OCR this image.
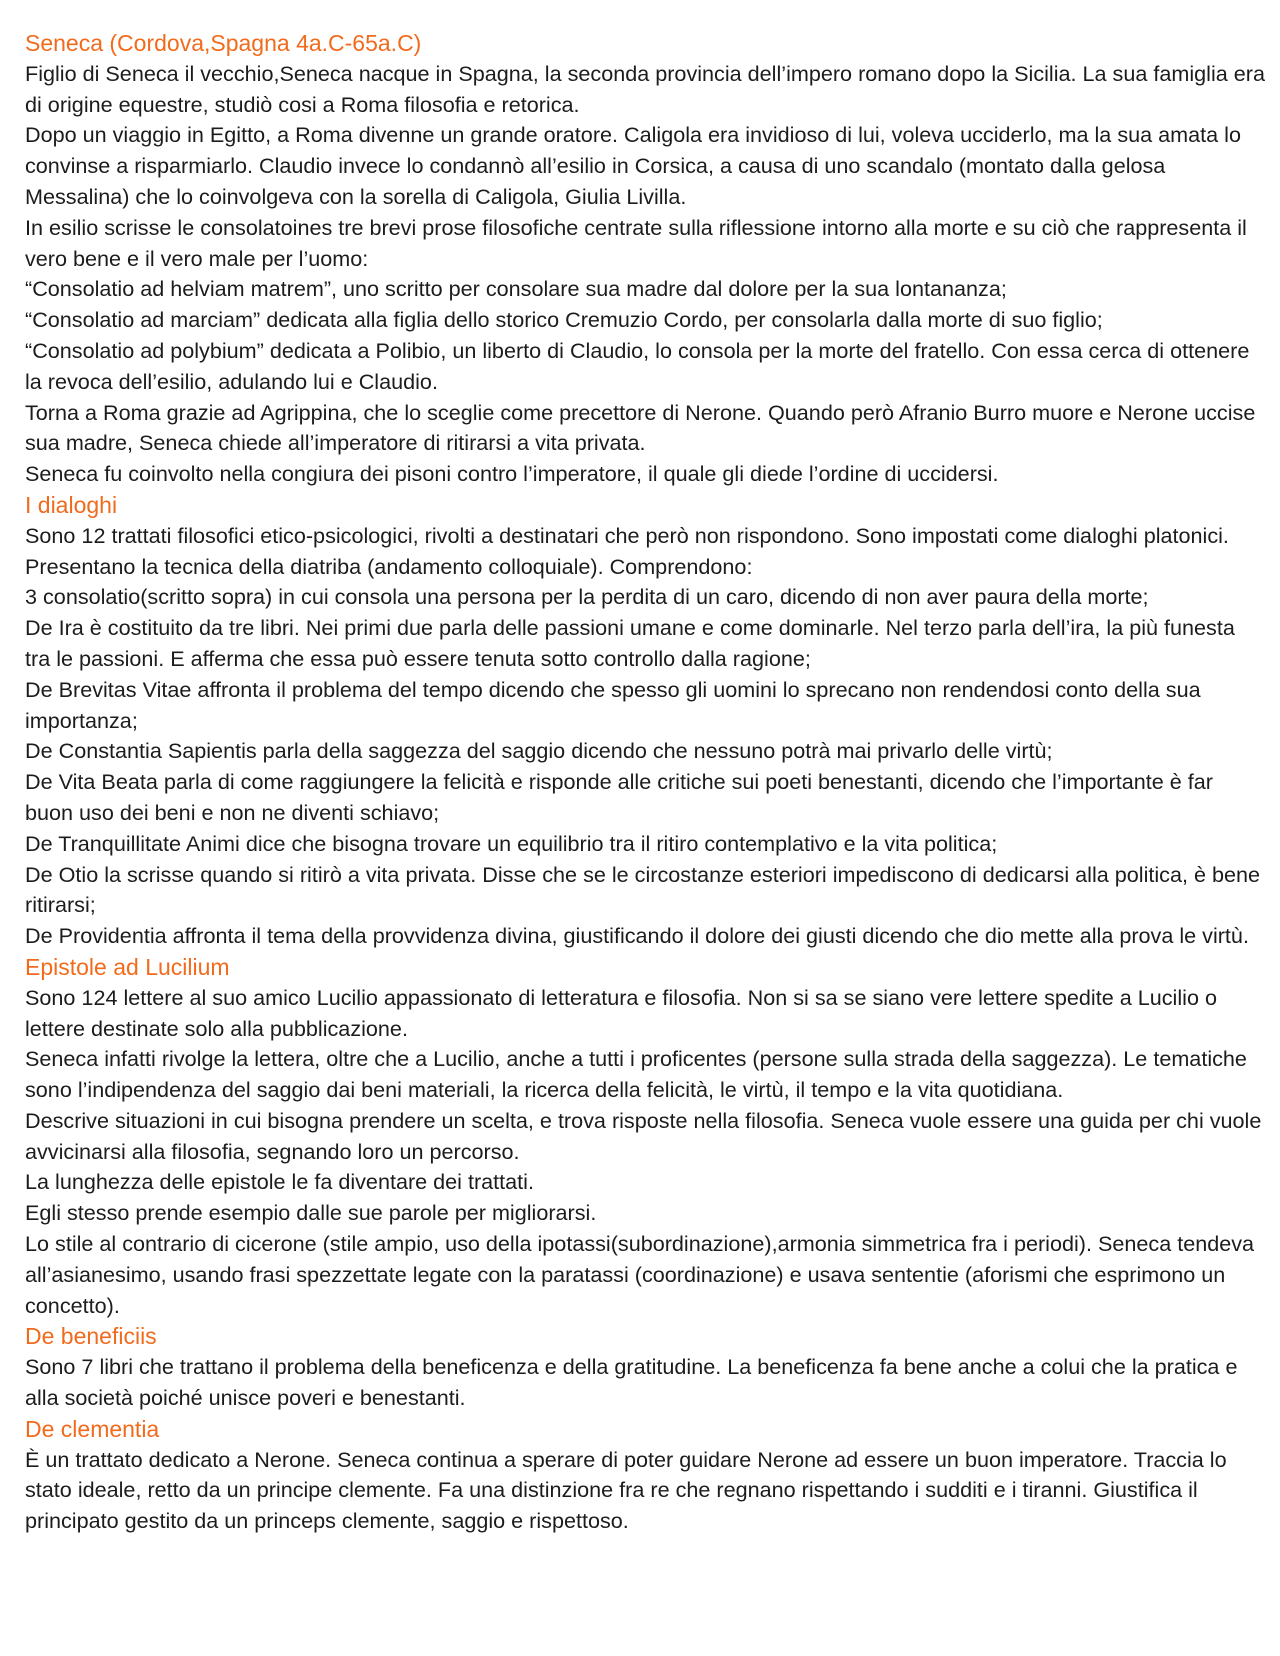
Seneca (Cordova,Spagna 4a.C-65a.C)

Figlio di Seneca il vecchio,Seneca nacque in Spagna, la seconda provincia dell’impero romano dopo la Sicilia. La sua famiglia era di origine equestre, studiò cosi a Roma filosofia e retorica.

Dopo un viaggio in Egitto, a Roma divenne un grande oratore. Caligola era invidioso di lui, voleva ucciderlo, ma la sua amata lo convinse a risparmiarlo. Claudio invece lo condannò all’esilio in Corsica, a causa di uno scandalo (montato dalla gelosa Messalina) che lo coinvolgeva con la sorella di Caligola, Giulia Livilla.

In esilio scrisse le consolatoines tre brevi prose filosofiche centrate sulla riflessione intorno alla morte e su ciò che rappresenta il vero bene e il vero male per l’uomo:

“Consolatio ad helviam matrem”, uno scritto per consolare sua madre dal dolore per la sua lontananza;

“Consolatio ad marciam” dedicata alla figlia dello storico Cremuzio Cordo, per consolarla dalla morte di suo figlio;

“Consolatio ad polybium” dedicata a Polibio, un liberto di Claudio, lo consola per la morte del fratello. Con essa cerca di ottenere la revoca dell’esilio, adulando lui e Claudio.

Torna a Roma grazie ad Agrippina, che lo sceglie come precettore di Nerone. Quando però Afranio Burro muore e Nerone uccise sua madre, Seneca chiede all’imperatore di ritirarsi a vita privata.

Seneca fu coinvolto nella congiura dei pisoni contro l’imperatore, il quale gli diede l’ordine di uccidersi.

I dialoghi

Sono 12 trattati filosofici etico-psicologici, rivolti a destinatari che però non rispondono. Sono impostati come dialoghi platonici. Presentano la tecnica della diatriba (andamento colloquiale). Comprendono:

3 consolatio(scritto sopra) in cui consola una persona per la perdita di un caro, dicendo di non aver paura della morte;

De Ira è costituito da tre libri. Nei primi due parla delle passioni umane e come dominarle. Nel terzo parla dell’ira, la più funesta tra le passioni. E afferma che essa può essere tenuta sotto controllo dalla ragione;

De Brevitas Vitae affronta il problema del tempo dicendo che spesso gli uomini lo sprecano non rendendosi conto della sua importanza;

De Constantia Sapientis parla della saggezza del saggio dicendo che nessuno potrà mai privarlo delle virtù;

De Vita Beata parla di come raggiungere la felicità e risponde alle critiche sui poeti benestanti, dicendo che l’importante è far buon uso dei beni e non ne diventi schiavo;

De Tranquillitate Animi dice che bisogna trovare un equilibrio tra il ritiro contemplativo e la vita politica;

De Otio la scrisse quando si ritirò a vita privata. Disse che se le circostanze esteriori impediscono di dedicarsi alla politica, è bene ritirarsi;

De Providentia affronta il tema della provvidenza divina, giustificando il dolore dei giusti dicendo che dio mette alla prova le virtù.

Epistole ad Lucilium

Sono 124 lettere al suo amico Lucilio appassionato di letteratura e filosofia. Non si sa se siano vere lettere spedite a Lucilio o lettere destinate solo alla pubblicazione.

Seneca infatti rivolge la lettera, oltre che a Lucilio, anche a tutti i proficentes (persone sulla strada della saggezza). Le tematiche sono l’indipendenza del saggio dai beni materiali, la ricerca della felicità, le virtù, il tempo e la vita quotidiana.

Descrive situazioni in cui bisogna prendere un scelta, e trova risposte nella filosofia. Seneca vuole essere una guida per chi vuole avvicinarsi alla filosofia, segnando loro un percorso.

La lunghezza delle epistole le fa diventare dei trattati.

Egli stesso prende esempio dalle sue parole per migliorarsi.

Lo stile al contrario di cicerone (stile ampio, uso della ipotassi(subordinazione),armonia simmetrica fra i periodi). Seneca tendeva all’asianesimo, usando frasi spezzettate legate con la paratassi (coordinazione) e usava sententie (aforismi che esprimono un concetto).

De beneficiis

Sono 7 libri che trattano il problema della beneficenza e della gratitudine. La beneficenza fa bene anche a colui che la pratica e alla società poiché unisce poveri e benestanti.

De clementia

È un trattato dedicato a Nerone. Seneca continua a sperare di poter guidare Nerone ad essere un buon imperatore. Traccia lo stato ideale, retto da un principe clemente. Fa una distinzione fra re che regnano rispettando i sudditi e i tiranni. Giustifica il principato gestito da un princeps clemente, saggio e rispettoso.
